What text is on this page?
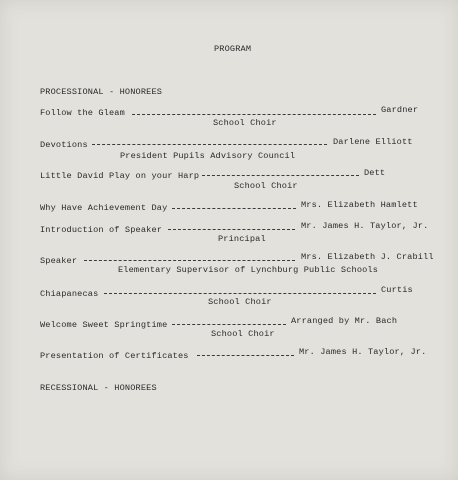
PROGRAM
PROCESSIONAL - HONOREES
Follow the Gleam	Gardner
School Choir
Devotions	Darlene Elliott
President Pupils Advisory Council
Little David Play on your Harp	Dett
School Choir
Why Have Achievement Day	Mrs. Elizabeth Hamlett
Introduction of Speaker	Mr. James H. Taylor, Jr.
Principal
Speaker	Mrs. Elizabeth J. Crabill
Elementary Supervisor of Lynchburg Public Schools
Chiapanecas	Curtis
School Choir
Welcome Sweet Springtime	Arranged by Mr. Bach
School Choir
Presentation of Certificates	Mr. James H. Taylor, Jr.
RECESSIONAL - HONOREES
